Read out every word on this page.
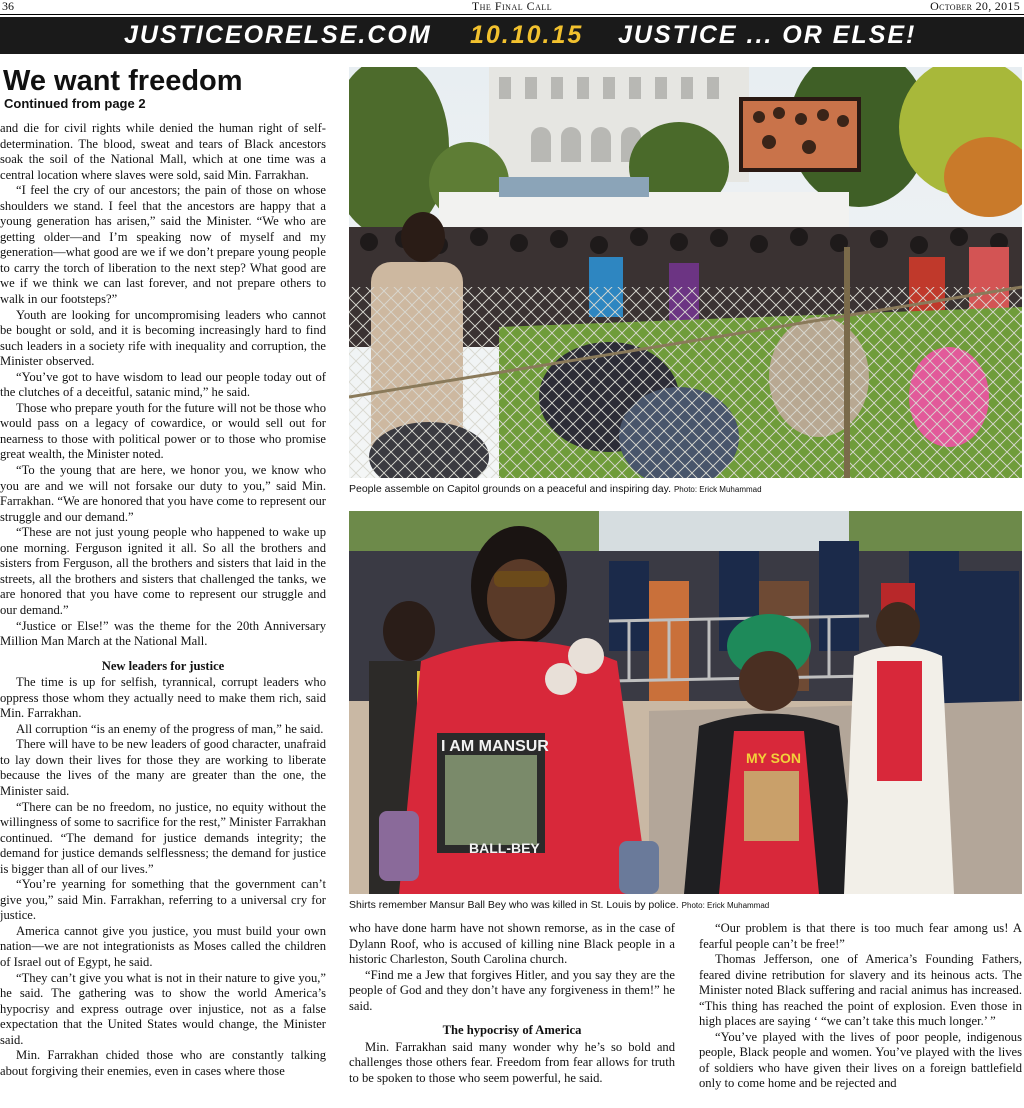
36	The Final Call	October 20, 2015
JUSTICEORELSE.COM 10.10.15 JUSTICE ... OR ELSE!
We want freedom
Continued from page 2

and die for civil rights while denied the human right of self-determination. The blood, sweat and tears of Black ancestors soak the soil of the National Mall, which at one time was a central location where slaves were sold, said Min. Farrakhan.

“I feel the cry of our ancestors; the pain of those on whose shoulders we stand. I feel that the ancestors are happy that a young generation has arisen,” said the Minister. “We who are getting older—and I’m speaking now of myself and my generation—what good are we if we don’t prepare young people to carry the torch of liberation to the next step? What good are we if we think we can last forever, and not prepare others to walk in our footsteps?”

Youth are looking for uncompromising leaders who cannot be bought or sold, and it is becoming increasingly hard to find such leaders in a society rife with inequality and corruption, the Minister observed.

“You’ve got to have wisdom to lead our people today out of the clutches of a deceitful, satanic mind,” he said.

Those who prepare youth for the future will not be those who would pass on a legacy of cowardice, or would sell out for nearness to those with political power or to those who promise great wealth, the Minister noted.

“To the young that are here, we honor you, we know who you are and we will not forsake our duty to you,” said Min. Farrakhan. “We are honored that you have come to represent our struggle and our demand.”

“These are not just young people who happened to wake up one morning. Ferguson ignited it all. So all the brothers and sisters from Ferguson, all the brothers and sisters that laid in the streets, all the brothers and sisters that challenged the tanks, we are honored that you have come to represent our struggle and our demand.”

“Justice or Else!” was the theme for the 20th Anniversary Million Man March at the National Mall.

New leaders for justice

The time is up for selfish, tyrannical, corrupt leaders who oppress those whom they actually need to make them rich, said Min. Farrakhan.

All corruption “is an enemy of the progress of man,” he said.

There will have to be new leaders of good character, unafraid to lay down their lives for those they are working to liberate because the lives of the many are greater than the one, the Minister said.

“There can be no freedom, no justice, no equity without the willingness of some to sacrifice for the rest,” Minister Farrakhan continued. “The demand for justice demands integrity; the demand for justice demands selflessness; the demand for justice is bigger than all of our lives.”

“You’re yearning for something that the government can’t give you,” said Min. Farrakhan, referring to a universal cry for justice.

America cannot give you justice, you must build your own nation—we are not integrationists as Moses called the children of Israel out of Egypt, he said.

“They can’t give you what is not in their nature to give you,” he said. The gathering was to show the world America’s hypocrisy and express outrage over injustice, not as a false expectation that the United States would change, the Minister said.

Min. Farrakhan chided those who are constantly talking about forgiving their enemies, even in cases where those

People assemble on Capitol grounds on a peaceful and inspiring day. Photo: Erick Muhammad
I AM MANSUR
BALL-BEY
MY SON
Shirts remember Mansur Ball Bey who was killed in St. Louis by police. Photo: Erick Muhammad

who have done harm have not shown remorse, as in the case of Dylann Roof, who is accused of killing nine Black people in a historic Charleston, South Carolina church.

“Find me a Jew that forgives Hitler, and you say they are the people of God and they don’t have any forgiveness in them!” he said.

The hypocrisy of America

Min. Farrakhan said many wonder why he’s so bold and challenges those others fear. Freedom from fear allows for truth to be spoken to those who seem powerful, he said.

“Our problem is that there is too much fear among us! A fearful people can’t be free!”

Thomas Jefferson, one of America’s Founding Fathers, feared divine retribution for slavery and its heinous acts. The Minister noted Black suffering and racial animus has increased. “This thing has reached the point of explosion. Even those in high places are saying ‘ “we can’t take this much longer.’ ”

“You’ve played with the lives of poor people, indigenous people, Black people and women. You’ve played with the lives of soldiers who have given their lives on a foreign battlefield only to come home and be rejected and
